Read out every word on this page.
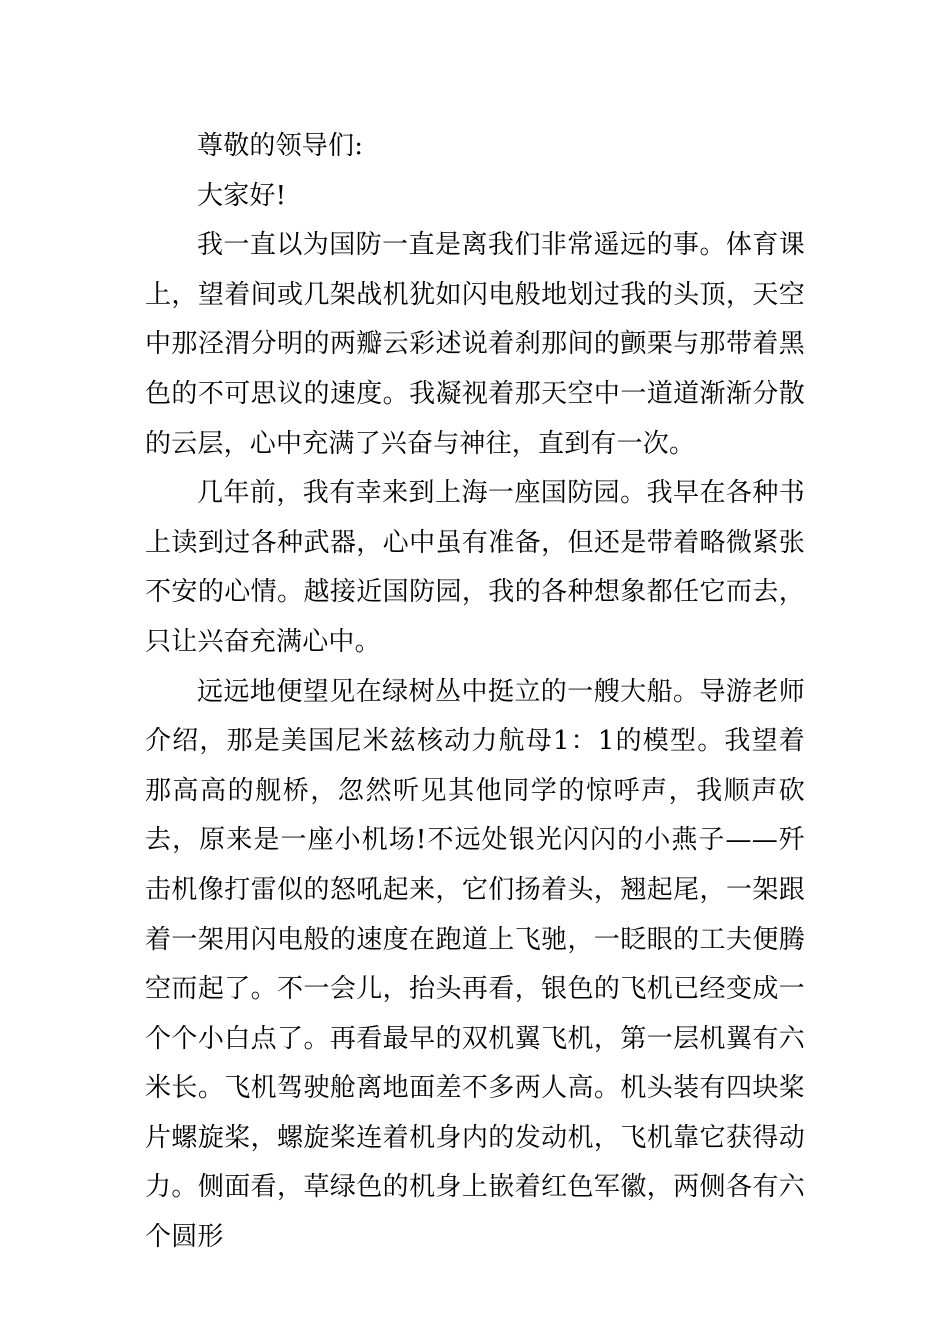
尊敬的领导们:

大家好!

我一直以为国防一直是离我们非常遥远的事。体育课上，望着间或几架战机犹如闪电般地划过我的头顶，天空中那泾渭分明的两瓣云彩述说着刹那间的颤栗与那带着黑色的不可思议的速度。我凝视着那天空中一道道渐渐分散的云层，心中充满了兴奋与神往，直到有一次。

几年前，我有幸来到上海一座国防园。我早在各种书上读到过各种武器，心中虽有准备，但还是带着略微紧张不安的心情。越接近国防园，我的各种想象都任它而去，只让兴奋充满心中。

远远地便望见在绿树丛中挺立的一艘大船。导游老师介绍，那是美国尼米兹核动力航母1：1的模型。我望着那高高的舰桥，忽然听见其他同学的惊呼声，我顺声砍去，原来是一座小机场!不远处银光闪闪的小燕子——歼击机像打雷似的怒吼起来，它们扬着头，翘起尾，一架跟着一架用闪电般的速度在跑道上飞驰，一眨眼的工夫便腾空而起了。不一会儿，抬头再看，银色的飞机已经变成一个个小白点了。再看最早的双机翼飞机，第一层机翼有六米长。飞机驾驶舱离地面差不多两人高。机头装有四块桨片螺旋桨，螺旋桨连着机身内的发动机，飞机靠它获得动力。侧面看，草绿色的机身上嵌着红色军徽，两侧各有六个圆形
